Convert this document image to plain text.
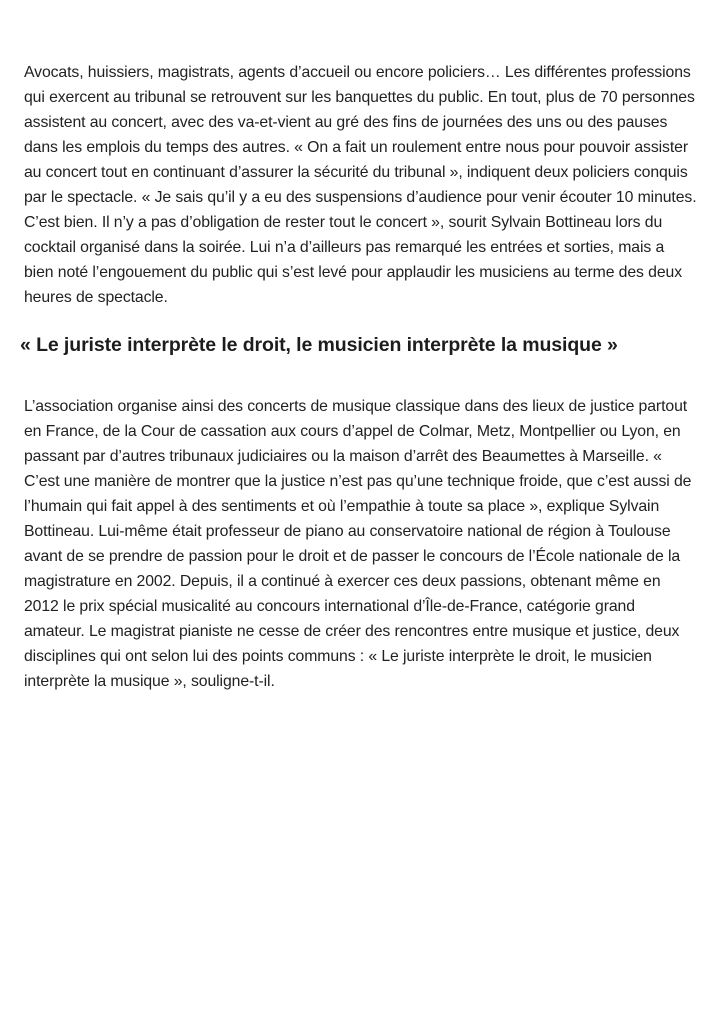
Avocats, huissiers, magistrats, agents d’accueil ou encore policiers… Les différentes professions qui exercent au tribunal se retrouvent sur les banquettes du public. En tout, plus de 70 personnes assistent au concert, avec des va-et-vient au gré des fins de journées des uns ou des pauses dans les emplois du temps des autres. « On a fait un roulement entre nous pour pouvoir assister au concert tout en continuant d’assurer la sécurité du tribunal », indiquent deux policiers conquis par le spectacle. « Je sais qu’il y a eu des suspensions d’audience pour venir écouter 10 minutes. C’est bien. Il n’y a pas d’obligation de rester tout le concert », sourit Sylvain Bottineau lors du cocktail organisé dans la soirée. Lui n’a d’ailleurs pas remarqué les entrées et sorties, mais a bien noté l’engouement du public qui s’est levé pour applaudir les musiciens au terme des deux heures de spectacle.

« Le juriste interprète le droit, le musicien interprète la musique »

L’association organise ainsi des concerts de musique classique dans des lieux de justice partout en France, de la Cour de cassation aux cours d’appel de Colmar, Metz, Montpellier ou Lyon, en passant par d’autres tribunaux judiciaires ou la maison d’arrêt des Beaumettes à Marseille. « C’est une manière de montrer que la justice n’est pas qu’une technique froide, que c’est aussi de l’humain qui fait appel à des sentiments et où l’empathie à toute sa place », explique Sylvain Bottineau. Lui-même était professeur de piano au conservatoire national de région à Toulouse avant de se prendre de passion pour le droit et de passer le concours de l’École nationale de la magistrature en 2002. Depuis, il a continué à exercer ces deux passions, obtenant même en 2012 le prix spécial musicalité au concours international d’Île-de-France, catégorie grand amateur. Le magistrat pianiste ne cesse de créer des rencontres entre musique et justice, deux disciplines qui ont selon lui des points communs : « Le juriste interprète le droit, le musicien interprète la musique », souligne-t-il.
